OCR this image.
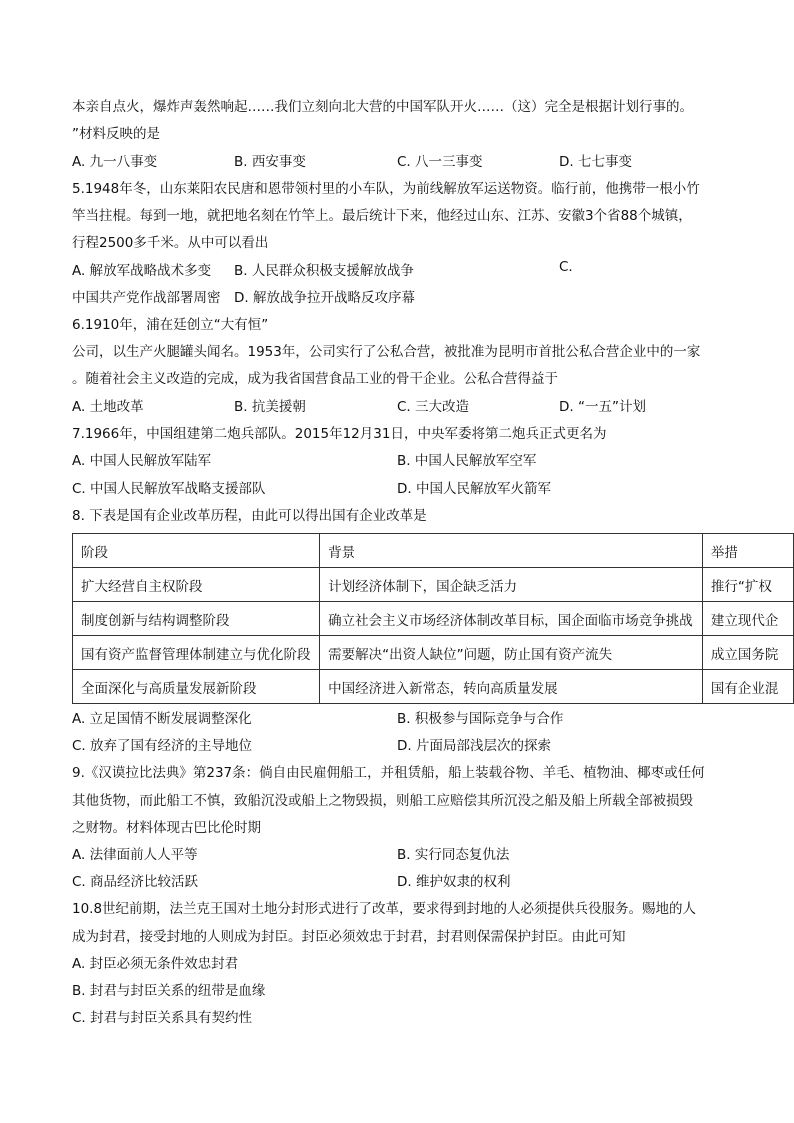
本亲自点火，爆炸声轰然响起……我们立刻向北大营的中国军队开火……（这）完全是根据计划行事的。
”材料反映的是
A. 九一八事变	B. 西安事变	C. 八一三事变	D. 七七事变
5.1948年冬，山东莱阳农民唐和恩带领村里的小车队，为前线解放军运送物资。临行前，他携带一根小竹
竿当拄棍。每到一地，就把地名刻在竹竿上。最后统计下来，他经过山东、江苏、安徽3个省88个城镇，
行程2500多千米。从中可以看出
A. 解放军战略战术多变 B. 人民群众积极支援解放战争	C.
中国共产党作战部署周密 D. 解放战争拉开战略反攻序幕
6.1910年，浦在廷创立“大有恒”
公司，以生产火腿罐头闻名。1953年，公司实行了公私合营，被批准为昆明市首批公私合营企业中的一家
。随着社会主义改造的完成，成为我省国营食品工业的骨干企业。公私合营得益于
A. 土地改革	B. 抗美援朝	C. 三大改造	D. “一五”计划
7.1966年，中国组建第二炮兵部队。2015年12月31日，中央军委将第二炮兵正式更名为
A. 中国人民解放军陆军	B. 中国人民解放军空军
C. 中国人民解放军战略支援部队	D. 中国人民解放军火箭军
8. 下表是国有企业改革历程，由此可以得出国有企业改革是
阶段	背景	举措
扩大经营自主权阶段	计划经济体制下，国企缺乏活力	推行“扩权
制度创新与结构调整阶段	确立社会主义市场经济体制改革目标，国企面临市场竞争挑战	建立现代企
国有资产监督管理体制建立与优化阶段	需要解决“出资人缺位”问题，防止国有资产流失	成立国务院
全面深化与高质量发展新阶段	中国经济进入新常态，转向高质量发展	国有企业混
A. 立足国情不断发展调整深化	B. 积极参与国际竞争与合作
C. 放弃了国有经济的主导地位	D. 片面局部浅层次的探索
9.《汉谟拉比法典》第237条：倘自由民雇佣船工，并租赁船，船上装载谷物、羊毛、植物油、椰枣或任何
其他货物，而此船工不慎，致船沉没或船上之物毁损，则船工应赔偿其所沉没之船及船上所载全部被损毁
之财物。材料体现古巴比伦时期
A. 法律面前人人平等	B. 实行同态复仇法
C. 商品经济比较活跃	D. 维护奴隶的权利
10.8世纪前期，法兰克王国对土地分封形式进行了改革，要求得到封地的人必须提供兵役服务。赐地的人
成为封君，接受封地的人则成为封臣。封臣必须效忠于封君，封君则保需保护封臣。由此可知
A. 封臣必须无条件效忠封君
B. 封君与封臣关系的纽带是血缘
C. 封君与封臣关系具有契约性
